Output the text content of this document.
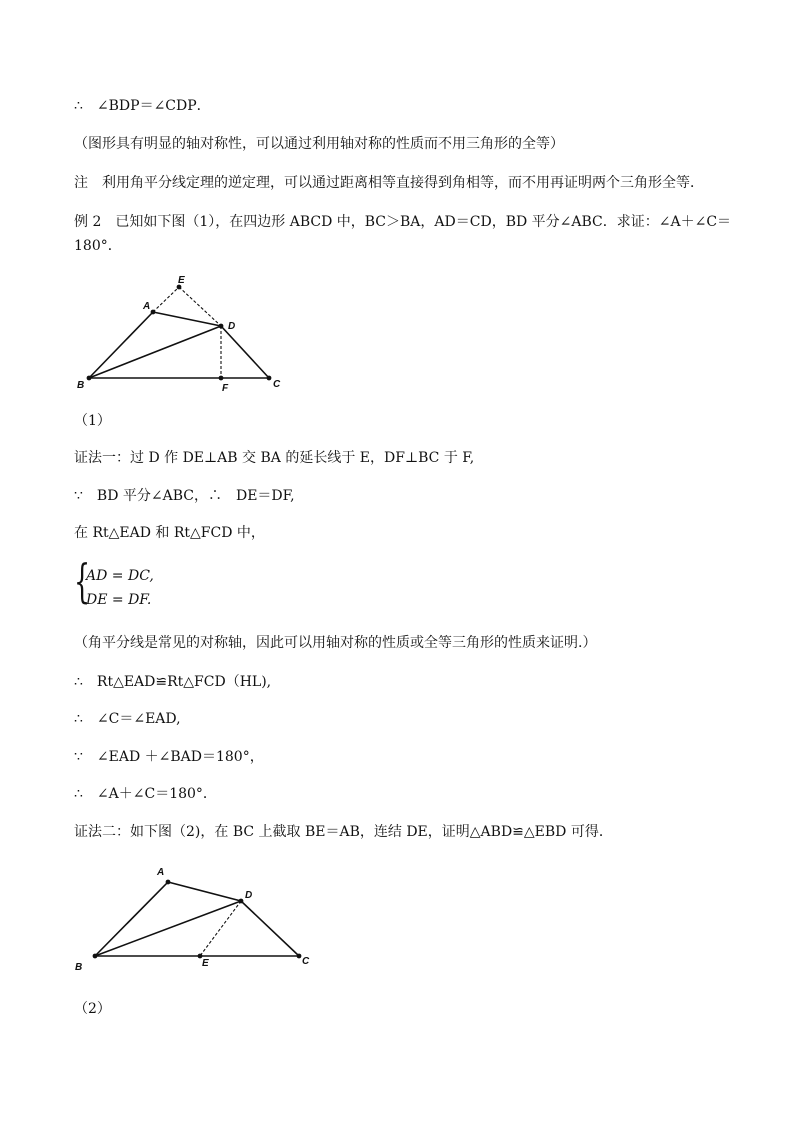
∴　∠BDP＝∠CDP．
（图形具有明显的轴对称性，可以通过利用轴对称的性质而不用三角形的全等）
注　利用角平分线定理的逆定理，可以通过距离相等直接得到角相等，而不用再证明两个三角形全等．
例 2　已知如下图（1），在四边形 ABCD 中，BC＞BA，AD＝CD，BD 平分∠ABC．求证：∠A＋∠C＝
180°．
E
A
D
B	F	C
（1）
证法一：过 D 作 DE⊥AB 交 BA 的延长线于 E，DF⊥BC 于 F,
∵　BD 平分∠ABC，∴　DE＝DF,
在 Rt△EAD 和 Rt△FCD 中，
{
AD = DC,
DE = DF.
（角平分线是常见的对称轴，因此可以用轴对称的性质或全等三角形的性质来证明.）
∴　Rt△EAD≌Rt△FCD（HL),
∴　∠C＝∠EAD,
∵　∠EAD ＋∠BAD＝180°，
∴　∠A＋∠C＝180°．
证法二：如下图（2)，在 BC 上截取 BE＝AB，连结 DE，证明△ABD≌△EBD 可得．
A
D
B	E	C
（2）
